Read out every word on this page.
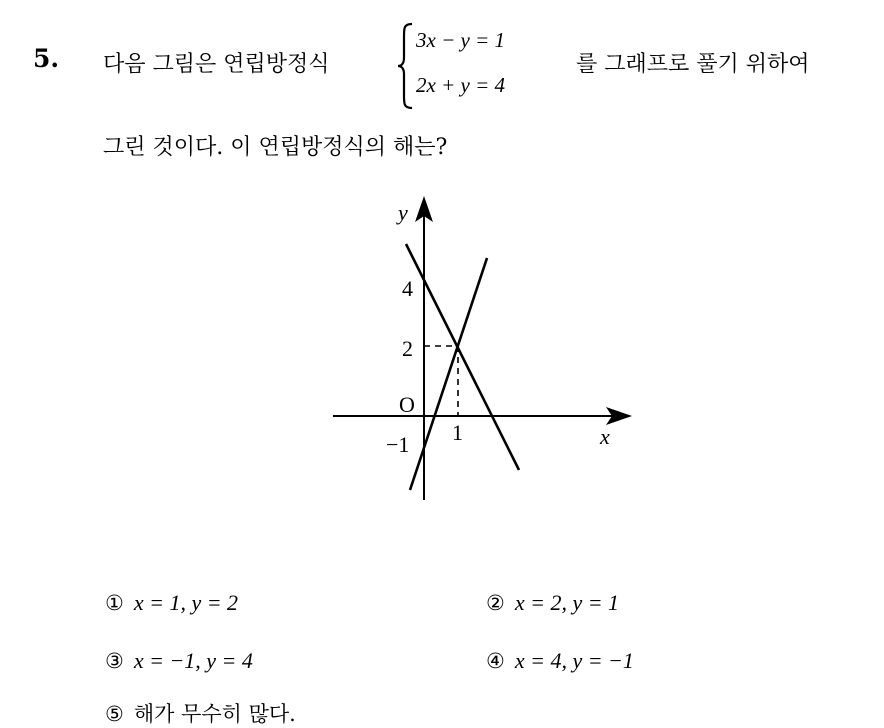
5. 다음 그림은 연립방정식
3x − y = 1
2x + y = 4
를 그래프로 풀기 위하여
그린 것이다. 이 연립방정식의 해는?
y
x
O
1
4
2
−1
① x = 1, y = 2	② x = 2, y = 1
③ x = −1, y = 4	④ x = 4, y = −1
⑤ 해가 무수히 많다.
